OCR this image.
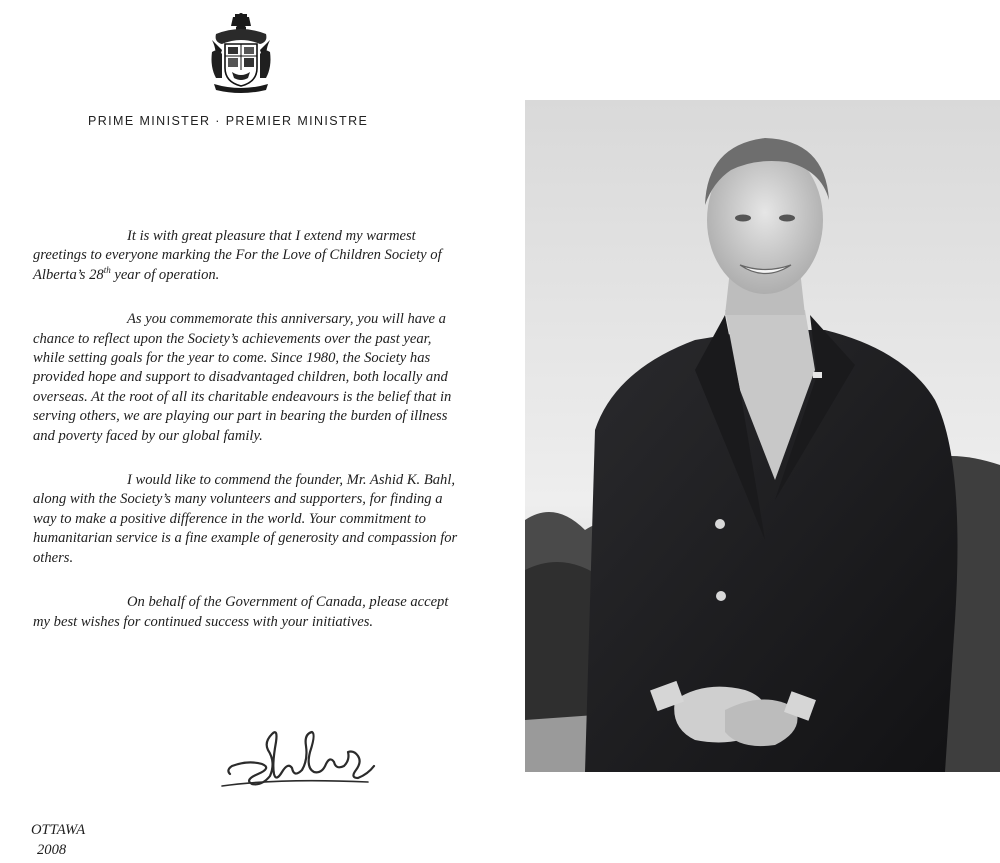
PRIME MINISTER · PREMIER MINISTRE

It is with great pleasure that I extend my warmest greetings to everyone marking the For the Love of Children Society of Alberta’s 28th year of operation.

As you commemorate this anniversary, you will have a chance to reflect upon the Society’s achievements over the past year, while setting goals for the year to come. Since 1980, the Society has provided hope and support to disadvantaged children, both locally and overseas. At the root of all its charitable endeavours is the belief that in serving others, we are playing our part in bearing the burden of illness and poverty faced by our global family.

I would like to commend the founder, Mr. Ashid K. Bahl, along with the Society’s many volunteers and supporters, for finding a way to make a positive difference in the world. Your commitment to humanitarian service is a fine example of generosity and compassion for others.

On behalf of the Government of Canada, please accept my best wishes for continued success with your initiatives.

OTTAWA
2008
